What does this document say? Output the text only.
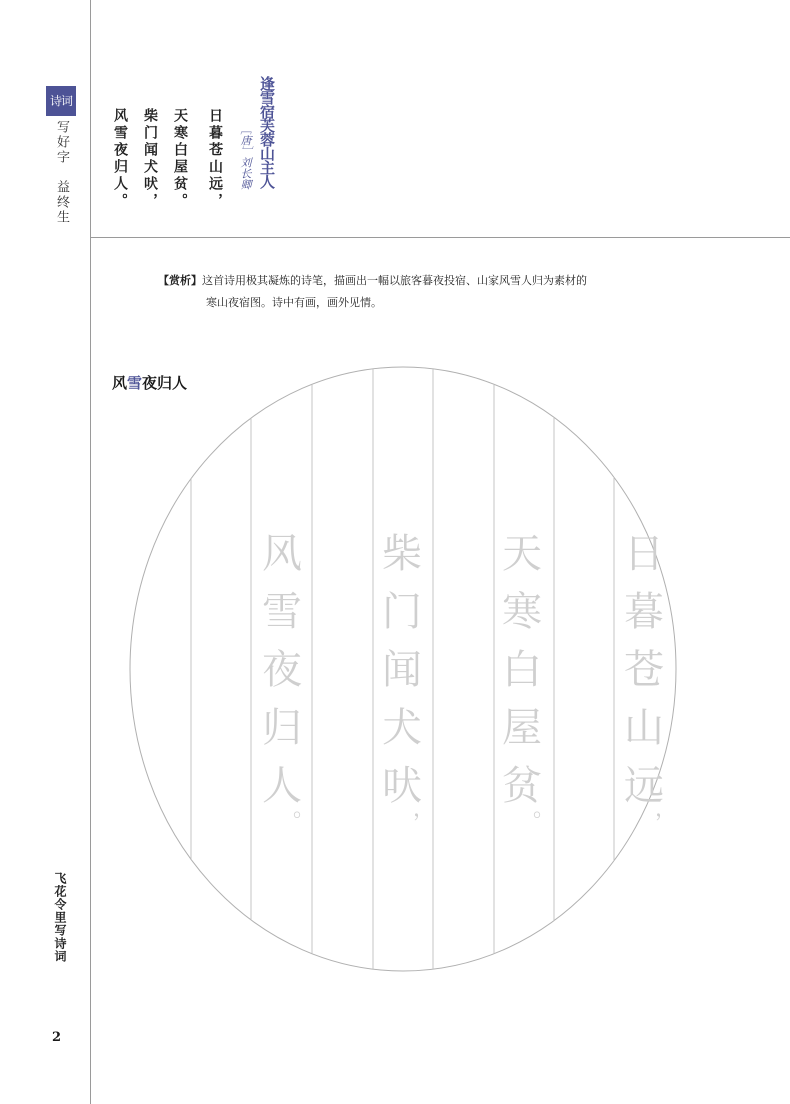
诗词
写好字
益终生
飞花令里写诗词
2
逢雪宿芙蓉山主人
［唐］刘长卿
日暮苍山远，
天寒白屋贫。
柴门闻犬吠，
风雪夜归人。
【赏析】这首诗用极其凝炼的诗笔，描画出一幅以旅客暮夜投宿、山家风雪人归为素材的
寒山夜宿图。诗中有画，画外见情。
风雪夜归人
日
暮
苍
山
远
，
天
寒
白
屋
贫
。
柴
门
闻
犬
吠
，
风
雪
夜
归
人
。
